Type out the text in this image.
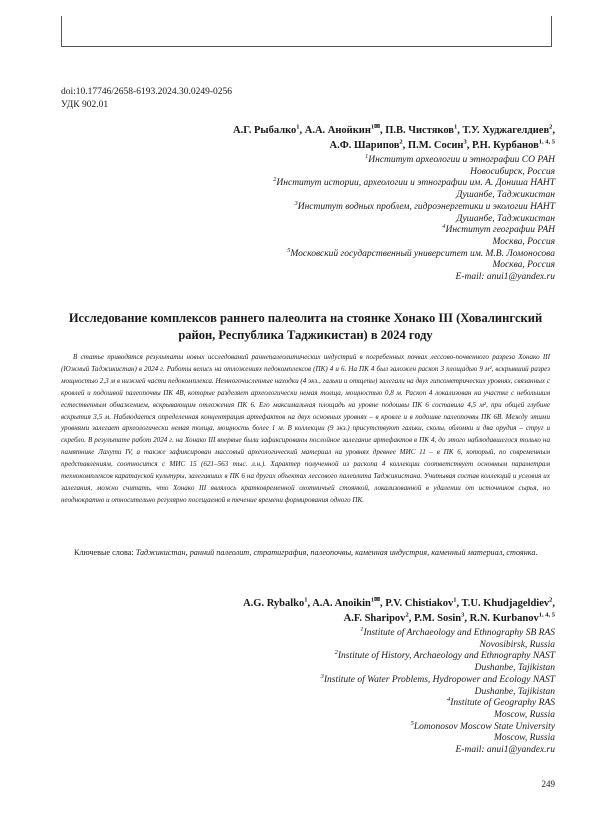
doi:10.17746/2658-6193.2024.30.0249-0256
УДК 902.01
А.Г. Рыбалко$^1$, А.А. Анойкин$^{1✉}$, П.В. Чистяков$^1$, Т.У. Худжагелдиев$^2$,
А.Ф. Шарипов$^2$, П.М. Сосин$^3$, Р.Н. Курбанов$^{1, 4, 5}$
$^1$Институт археологии и этнографии СО РАН
Новосибирск, Россия
$^2$Институт истории, археологии и этнографии им. А. Дониша НАНТ
Душанбе, Таджикистан
$^3$Институт водных проблем, гидроэнергетики и экологии НАНТ
Душанбе, Таджикистан
$^4$Институт географии РАН
Москва, Россия
$^5$Московский государственный университет им. М.В. Ломоносова
Москва, Россия
E-mail: anui1@yandex.ru
Исследование комплексов раннего палеолита на стоянке Хонако III (Ховалингский район, Республика Таджикистан) в 2024 году
В статье приводятся результаты новых исследований раннепалеолитических индустрий в погребенных почвах лессово-почвенного разреза Хонако III (Южный Таджикистан) в 2024 г. Работы велись на отложениях педокомплексов (ПК) 4 и 6. На ПК 4 был заложен раскоп 3 площадью 9 м², вскрывший разрез мощностью 2,3 м в нижней части педокомплекса. Немногочисленные находки (4 экз., гальки и отщепы) залегали на двух гипсометрических уровнях, связанных с кровлей и подошвой палеопочвы ПК 4В, которые разделяет археологически немая толща, мощностью 0,8 м. Раскоп 4 локализован на участке с небольшим естественным обнажением, вскрывающим отложения ПК 6. Его максимальная площадь на уровне подошвы ПК 6 составила 4,5 м², при общей глубине вскрытия 3,5 м. Наблюдается определенная концентрация артефактов на двух основных уровнях – в кровле и в подошве палеопочвы ПК 6В. Между этими уровнями залегает археологически немая толща, мощность более 1 м. В коллекции (9 экз.) присутствуют гальки, сколы, обломки и два орудия – струг и скребло. В результате работ 2024 г. на Хонако III впервые были зафиксированы послойное залегание артефактов в ПК 4, до этого наблюдавшегося только на памятнике Лахути IV, а также зафиксирован массовый археологический материал на уровнях древнее МИС 11 – в ПК 6, который, по современным представлениям, соотносится с МИС 15 (621–563 тыс. л.н.). Характер полученной из раскопа 4 коллекции соответствует основным параметрам технокомплексов каратауской культуры, залегавших в ПК 6 на других объектах лессового палеолита Таджикистана. Учитывая состав коллекций и условия их залегания, можно считать, что Хонако III являлось кратковременной охотничьей стоянкой, локализованной в удалении от источников сырья, но неоднократно и относительно регулярно посещаемой в течение времени формирования одного ПК.
Ключевые слова: Таджикистан, ранний палеолит, стратиграфия, палеопочвы, каменная индустрия, каменный материал, стоянка.
A.G. Rybalko$^1$, A.A. Anoikin$^{1✉}$, P.V. Chistiakov$^1$, T.U. Khudjageldiev$^2$,
A.F. Sharipov$^2$, P.M. Sosin$^3$, R.N. Kurbanov$^{1, 4, 5}$
$^1$Institute of Archaeology and Ethnography SB RAS
Novosibirsk, Russia
$^2$Institute of History, Archaeology and Ethnography NAST
Dushanbe, Tajikistan
$^3$Institute of Water Problems, Hydropower and Ecology NAST
Dushanbe, Tajikistan
$^4$Institute of Geography RAS
Moscow, Russia
$^5$Lomonosov Moscow State University
Moscow, Russia
E-mail: anui1@yandex.ru
249
